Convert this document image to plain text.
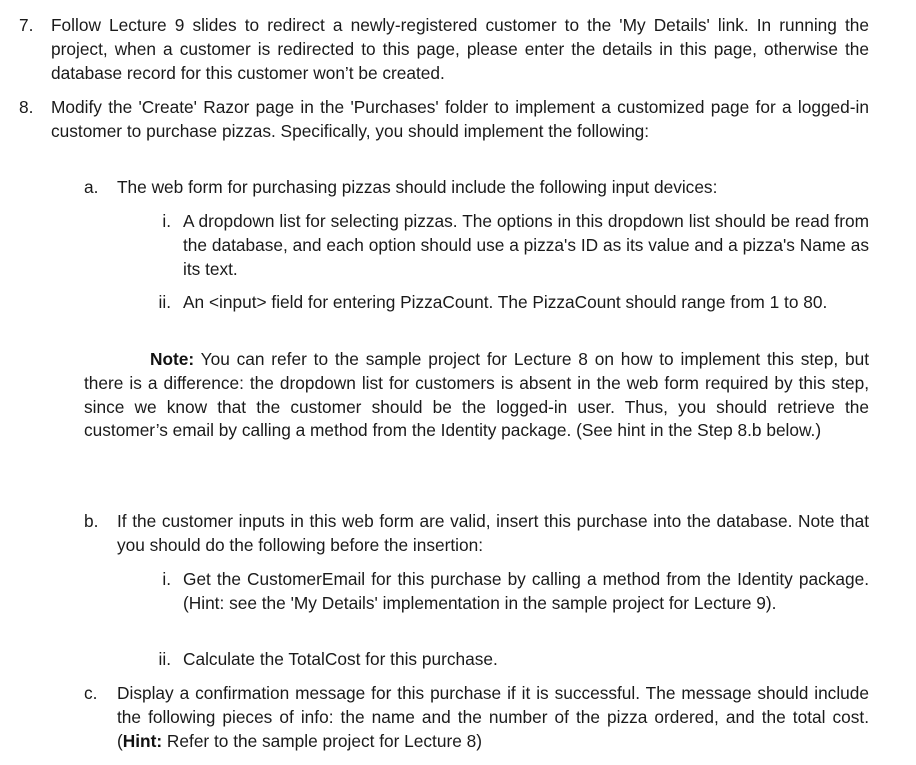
7. Follow Lecture 9 slides to redirect a newly-registered customer to the 'My Details' link. In running the project, when a customer is redirected to this page, please enter the details in this page, otherwise the database record for this customer won’t be created.

8. Modify the 'Create' Razor page in the 'Purchases' folder to implement a customized page for a logged-in customer to purchase pizzas. Specifically, you should implement the following:

a. The web form for purchasing pizzas should include the following input devices:

i. A dropdown list for selecting pizzas. The options in this dropdown list should be read from the database, and each option should use a pizza's ID as its value and a pizza's Name as its text.

ii. An <input> field for entering PizzaCount. The PizzaCount should range from 1 to 80.

Note: You can refer to the sample project for Lecture 8 on how to implement this step, but there is a difference: the dropdown list for customers is absent in the web form required by this step, since we know that the customer should be the logged-in user. Thus, you should retrieve the customer’s email by calling a method from the Identity package. (See hint in the Step 8.b below.)

b. If the customer inputs in this web form are valid, insert this purchase into the database. Note that you should do the following before the insertion:

i. Get the CustomerEmail for this purchase by calling a method from the Identity package. (Hint: see the 'My Details' implementation in the sample project for Lecture 9).

ii. Calculate the TotalCost for this purchase.

c. Display a confirmation message for this purchase if it is successful. The message should include the following pieces of info: the name and the number of the pizza ordered, and the total cost. (Hint: Refer to the sample project for Lecture 8)
